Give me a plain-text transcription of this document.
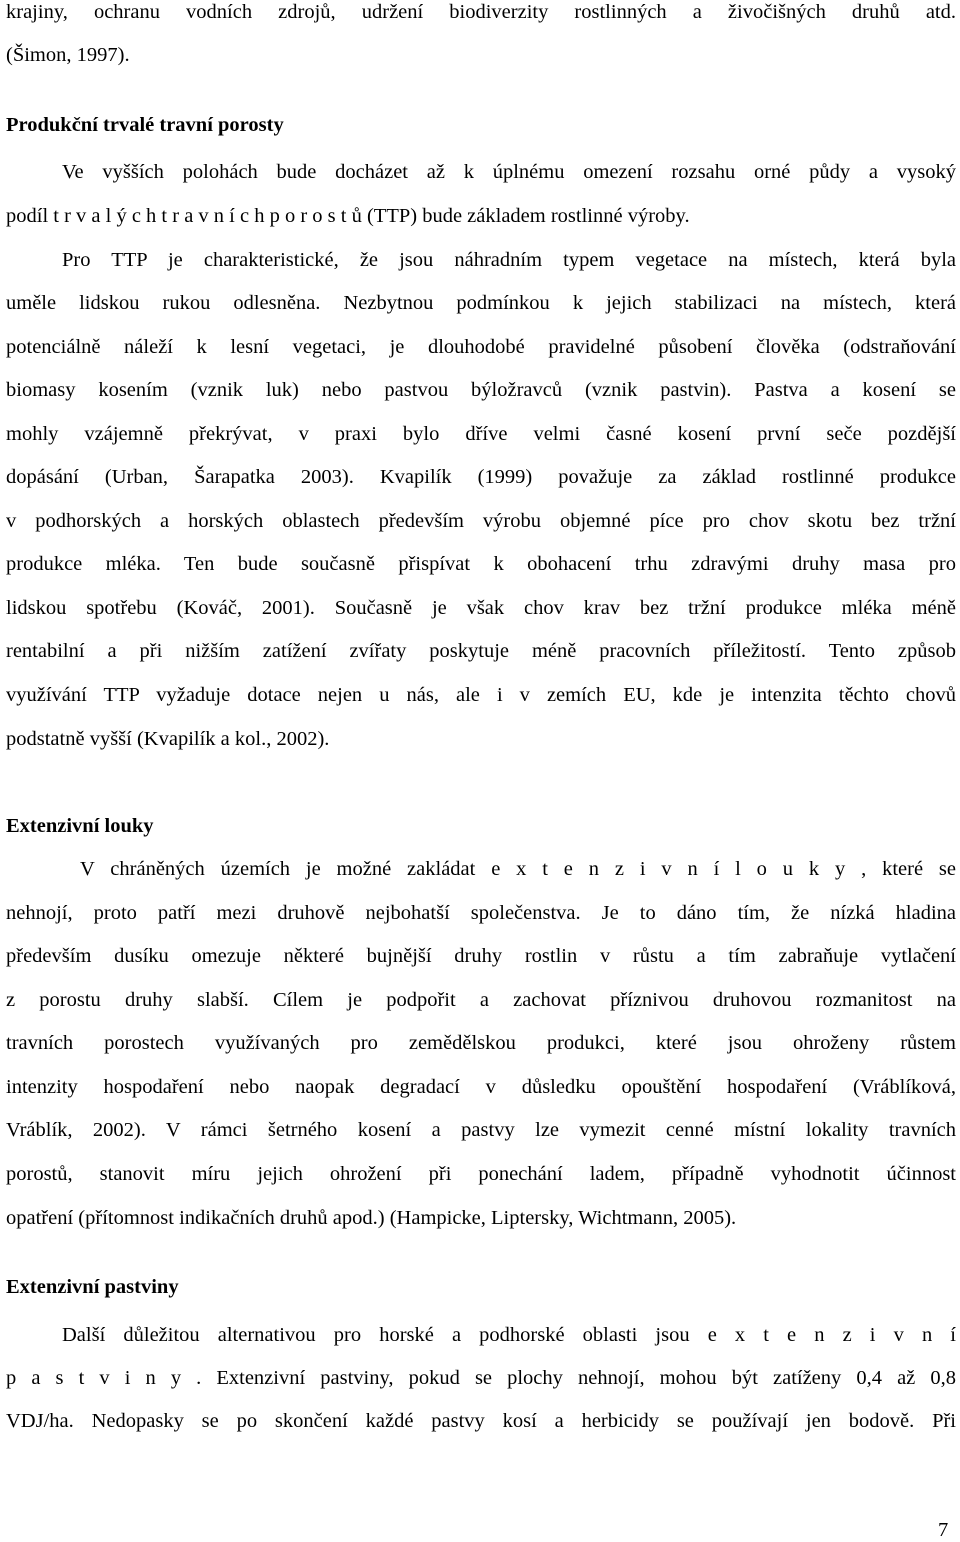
krajiny, ochranu vodních zdrojů, udržení biodiverzity rostlinných a živočišných druhů atd.
(Šimon, 1997).
Produkční trvalé travní porosty
Ve vyšších polohách bude docházet až k úplnému omezení rozsahu orné půdy a vysoký
podíl t r v a l ý c h t r a v n í c h p o r o s t ů (TTP) bude základem rostlinné výroby.
Pro TTP je charakteristické, že jsou náhradním typem vegetace na místech, která byla
uměle lidskou rukou odlesněna. Nezbytnou podmínkou k jejich stabilizaci na místech, která
potenciálně náleží k lesní vegetaci, je dlouhodobé pravidelné působení člověka (odstraňování
biomasy kosením (vznik luk) nebo pastvou býložravců (vznik pastvin). Pastva a kosení se
mohly vzájemně překrývat, v praxi bylo dříve velmi časné kosení první seče pozdější
dopásání (Urban, Šarapatka 2003). Kvapilík (1999) považuje za základ rostlinné produkce
v podhorských a horských oblastech především výrobu objemné píce pro chov skotu bez tržní
produkce mléka. Ten bude současně přispívat k obohacení trhu zdravými druhy masa pro
lidskou spotřebu (Kováč, 2001). Současně je však chov krav bez tržní produkce mléka méně
rentabilní a při nižším zatížení zvířaty poskytuje méně pracovních příležitostí. Tento způsob
využívání TTP vyžaduje dotace nejen u nás, ale i v zemích EU, kde je intenzita těchto chovů
podstatně vyšší (Kvapilík a kol., 2002).
Extenzivní louky
V chráněných územích je možné zakládat e x t e n z i v n í l o u k y , které se
nehnojí, proto patří mezi druhově nejbohatší společenstva. Je to dáno tím, že nízká hladina
především dusíku omezuje některé bujnější druhy rostlin v růstu a tím zabraňuje vytlačení
z porostu druhy slabší. Cílem je podpořit a zachovat příznivou druhovou rozmanitost na
travních porostech využívaných pro zemědělskou produkci, které jsou ohroženy růstem
intenzity hospodaření nebo naopak degradací v důsledku opouštění hospodaření (Vráblíková,
Vráblík, 2002). V rámci šetrného kosení a pastvy lze vymezit cenné místní lokality travních
porostů, stanovit míru jejich ohrožení při ponechání ladem, případně vyhodnotit účinnost
opatření (přítomnost indikačních druhů apod.) (Hampicke, Liptersky, Wichtmann, 2005).
Extenzivní pastviny
Další důležitou alternativou pro horské a podhorské oblasti jsou e x t e n z i v n í
p a s t v i n y . Extenzivní pastviny, pokud se plochy nehnojí, mohou být zatíženy 0,4 až 0,8
VDJ/ha. Nedopasky se po skončení každé pastvy kosí a herbicidy se používají jen bodově. Při
7
